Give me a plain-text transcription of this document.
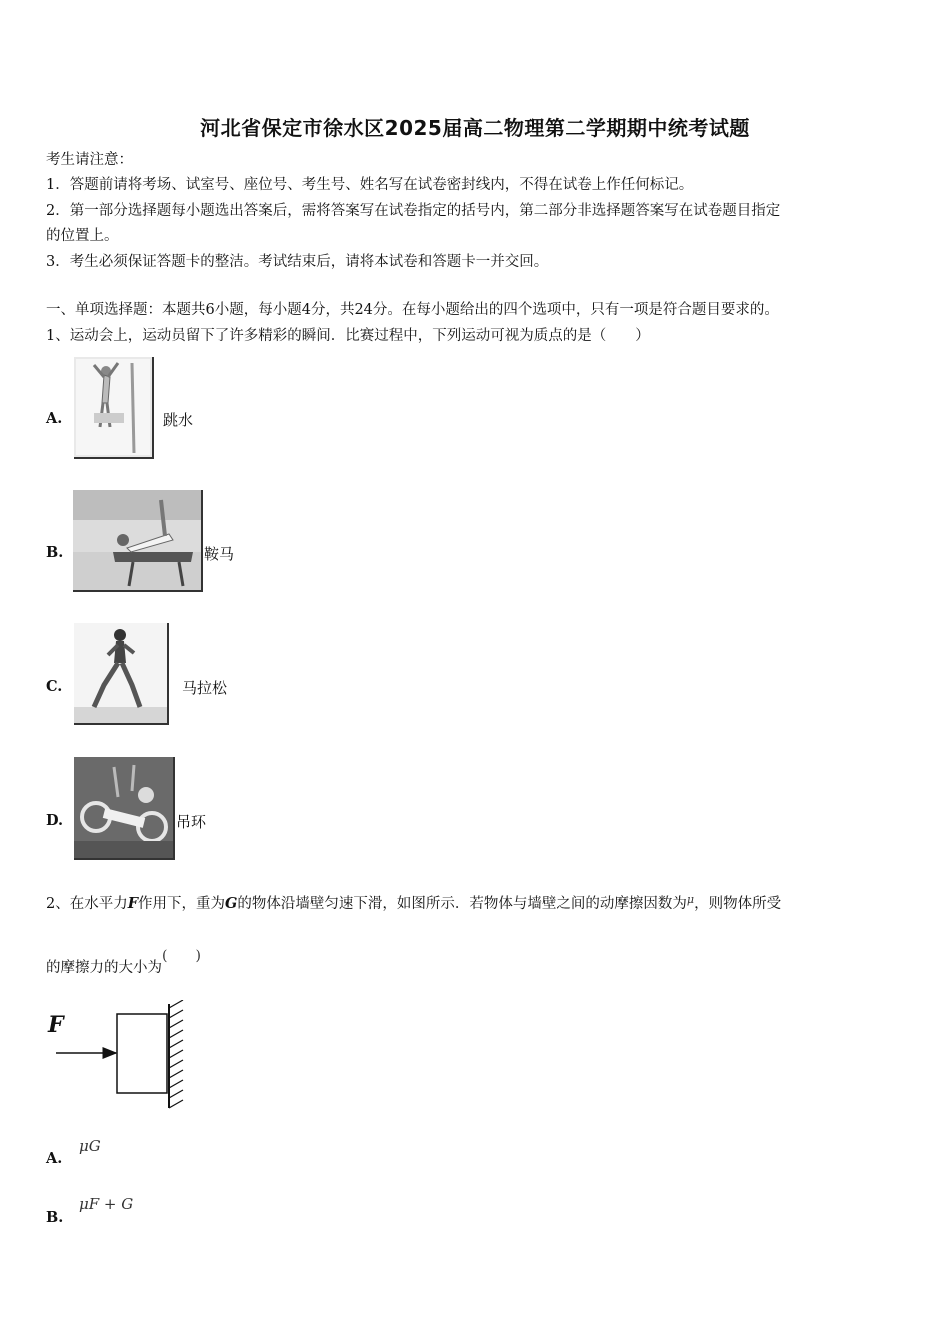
河北省保定市徐水区2025届高二物理第二学期期中统考试题
考生请注意：
1．答题前请将考场、试室号、座位号、考生号、姓名写在试卷密封线内，不得在试卷上作任何标记。
2．第一部分选择题每小题选出答案后，需将答案写在试卷指定的括号内，第二部分非选择题答案写在试卷题目指定
的位置上。
3．考生必须保证答题卡的整洁。考试结束后，请将本试卷和答题卡一并交回。
一、单项选择题：本题共6小题，每小题4分，共24分。在每小题给出的四个选项中，只有一项是符合题目要求的。
1、运动会上，运动员留下了许多精彩的瞬间．比赛过程中，下列运动可视为质点的是（　　）
A.	跳水
B.	鞍马
C.	马拉松
D.	吊环
2、在水平力F作用下，重为G的物体沿墙壁匀速下滑，如图所示．若物体与墙壁之间的动摩擦因数为$^\mu$，则物体所受
的摩擦力的大小为(　　)
F
A.
μG
B.
μF + G
